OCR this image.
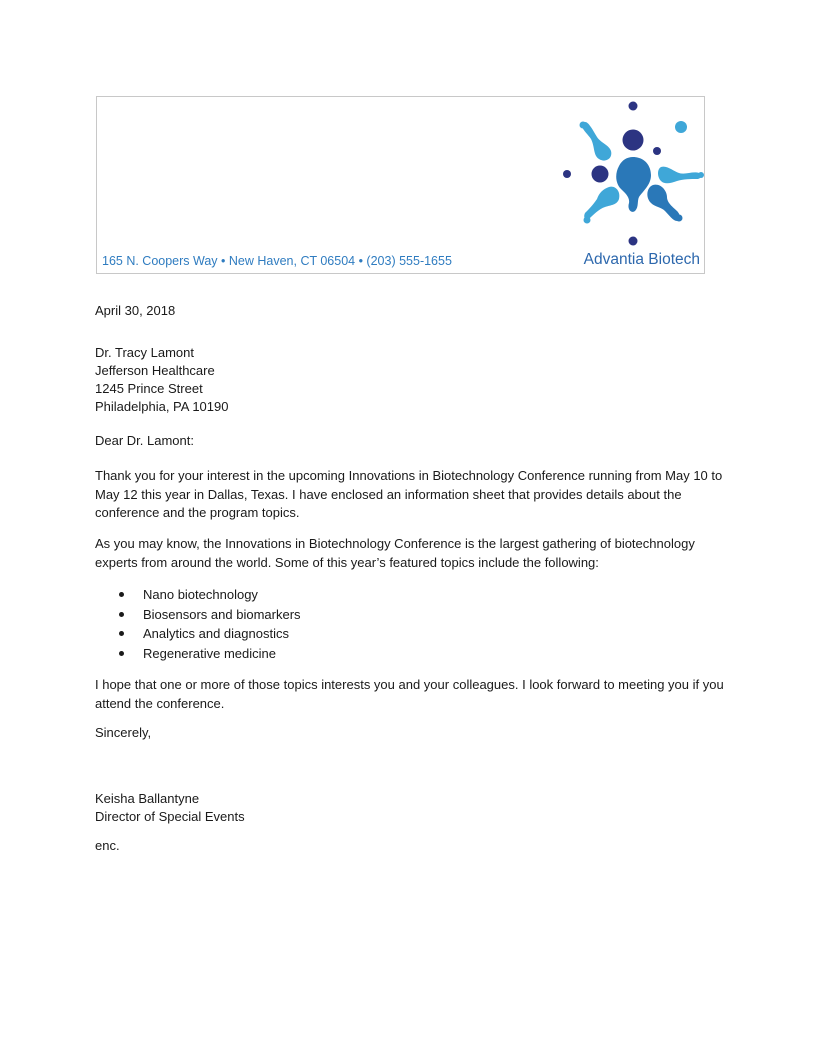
165 N. Coopers Way • New Haven, CT 06504 • (203) 555-1655	Advantia Biotech

April 30, 2018

Dr. Tracy Lamont
Jefferson Healthcare
1245 Prince Street
Philadelphia, PA 10190

Dear Dr. Lamont:

Thank you for your interest in the upcoming Innovations in Biotechnology Conference running from May 10 to May 12 this year in Dallas, Texas. I have enclosed an information sheet that provides details about the conference and the program topics.

As you may know, the Innovations in Biotechnology Conference is the largest gathering of biotechnology experts from around the world. Some of this year’s featured topics include the following:

Nano biotechnology
Biosensors and biomarkers
Analytics and diagnostics
Regenerative medicine

I hope that one or more of those topics interests you and your colleagues. I look forward to meeting you if you attend the conference.

Sincerely,

Keisha Ballantyne
Director of Special Events

enc.
